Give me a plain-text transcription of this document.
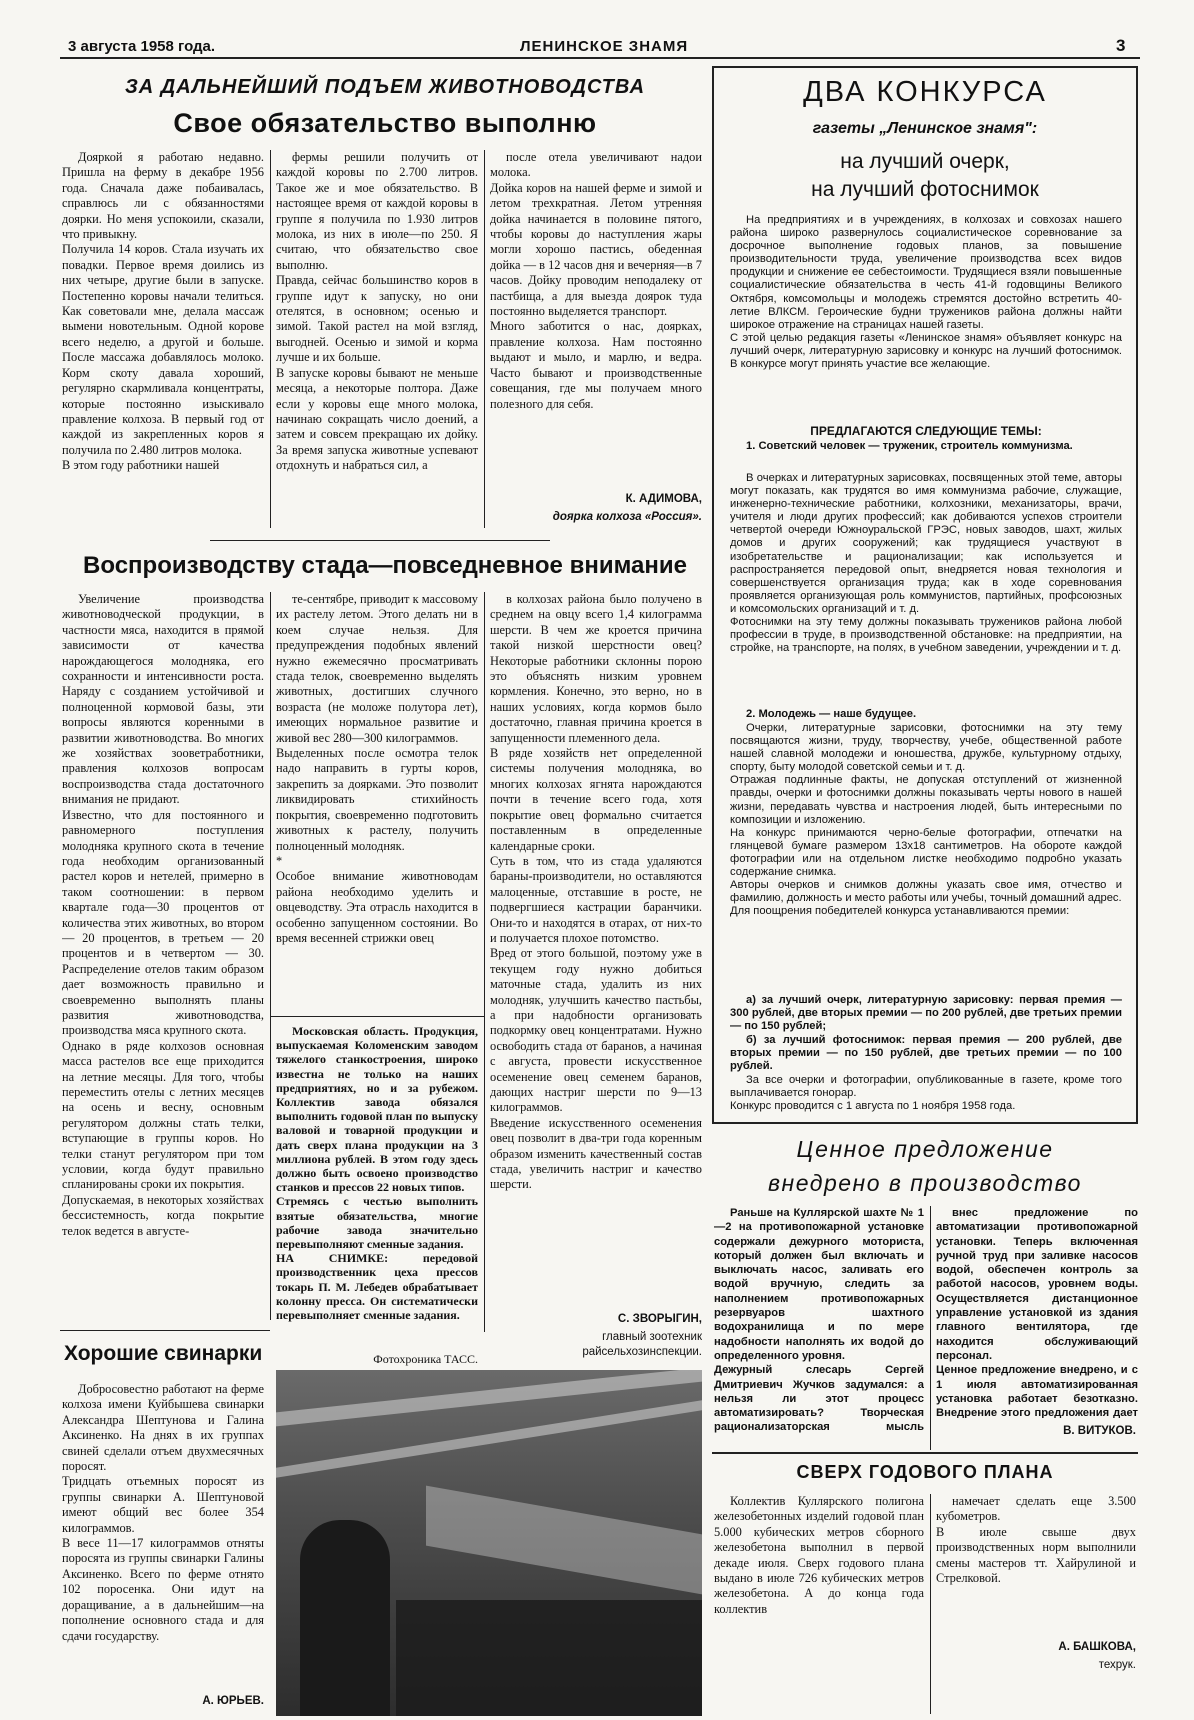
3 августа 1958 года.	ЛЕНИНСКОЕ ЗНАМЯ	3
ЗА ДАЛЬНЕЙШИЙ ПОДЪЕМ ЖИВОТНОВОДСТВА
Свое обязательство выполню

Дояркой я работаю недавно. Пришла на ферму в декабре 1956 года. Сначала даже побаивалась, справлюсь ли с обязанностями доярки. Но меня успокоили, сказали, что привыкну.
Получила 14 коров. Стала изучать их повадки. Первое время доились из них четыре, другие были в запуске. Постепенно коровы начали телиться. Как советовали мне, делала массаж вымени новотельным. Одной корове всего неделю, а другой и больше. После массажа добавлялось молоко. Корм скоту давала хороший, регулярно скармливала концентраты, которые постоянно изыскивало правление колхоза. В первый год от каждой из закрепленных коров я получила по 2.480 литров молока.
В этом году работники нашей

фермы решили получить от каждой коровы по 2.700 литров. Такое же и мое обязательство. В настоящее время от каждой коровы в группе я получила по 1.930 литров молока, из них в июле—по 250. Я считаю, что обязательство свое выполню.
Правда, сейчас большинство коров в группе идут к запуску, но они отелятся, в основном; осенью и зимой. Такой растел на мой взгляд, выгодней. Осенью и зимой и корма лучше и их больше.
В запуске коровы бывают не меньше месяца, а некоторые полтора. Даже если у коровы еще много молока, начинаю сокращать число доений, а затем и совсем прекращаю их дойку. За время запуска животные успевают отдохнуть и набраться сил, а

после отела увеличивают надои молока.
Дойка коров на нашей ферме и зимой и летом трехкратная. Летом утренняя дойка начинается в половине пятого, чтобы коровы до наступления жары могли хорошо пастись, обеденная дойка — в 12 часов дня и вечерняя—в 7 часов. Дойку проводим неподалеку от пастбища, а для выезда доярок туда постоянно выделяется транспорт.
Много заботится о нас, доярках, правление колхоза. Нам постоянно выдают и мыло, и марлю, и ведра. Часто бывают и производственные совещания, где мы получаем много полезного для себя.

К. АДИМОВА,
доярка колхоза «Россия».
Воспроизводству стада—повседневное внимание

Увеличение производства животноводческой продукции, в частности мяса, находится в прямой зависимости от качества нарождающегося молодняка, его сохранности и интенсивности роста. Наряду с созданием устойчивой и полноценной кормовой базы, эти вопросы являются коренными в развитии животноводства. Во многих же хозяйствах зооветработники, правления колхозов вопросам воспроизводства стада достаточного внимания не придают.
Известно, что для постоянного и равномерного поступления молодняка крупного скота в течение года необходим организованный растел коров и нетелей, примерно в таком соотношении: в первом квартале года—30 процентов от количества этих животных, во втором — 20 процентов, в третьем — 20 процентов и в четвертом — 30. Распределение отелов таким образом дает возможность правильно и своевременно выполнять планы развития животноводства, производства мяса крупного скота.
Однако в ряде колхозов основная масса растелов все еще приходится на летние месяцы. Для того, чтобы переместить отелы с летних месяцев на осень и весну, основным регулятором должны стать телки, вступающие в группы коров. Но телки станут регулятором при том условии, когда будут правильно спланированы сроки их покрытия.
Допускаемая, в некоторых хозяйствах бессистемность, когда покрытие телок ведется в августе-

те-сентябре, приводит к массовому их растелу летом. Этого делать ни в коем случае нельзя. Для предупреждения подобных явлений нужно ежемесячно просматривать стада телок, своевременно выделять животных, достигших случного возраста (не моложе полутора лет), имеющих нормальное развитие и живой вес 280—300 килограммов.
Выделенных после осмотра телок надо направить в гурты коров, закрепить за доярками. Это позволит ликвидировать стихийность покрытия, своевременно подготовить животных к растелу, получить полноценный молодняк.
*
Особое внимание животноводам района необходимо уделить и овцеводству. Эта отрасль находится в особенно запущенном состоянии. Во время весенней стрижки овец

в колхозах района было получено в среднем на овцу всего 1,4 килограмма шерсти. В чем же кроется причина такой низкой шерстности овец? Некоторые работники склонны порою это объяснять низким уровнем кормления. Конечно, это верно, но в наших условиях, когда кормов было достаточно, главная причина кроется в запущенности племенного дела.
В ряде хозяйств нет определенной системы получения молодняка, во многих колхозах ягнята нарождаются почти в течение всего года, хотя покрытие овец формально считается поставленным в определенные календарные сроки.
Суть в том, что из стада удаляются бараны-производители, но оставляются малоценные, отставшие в росте, не подвергшиеся кастрации баранчики. Они-то и находятся в отарах, от них-то и получается плохое потомство.
Вред от этого большой, поэтому уже в текущем году нужно добиться маточные стада, удалить из них молодняк, улучшить качество пастьбы, а при надобности организовать подкормку овец концентратами. Нужно освободить стада от баранов, а начиная с августа, провести искусственное осеменение овец семенем баранов, дающих настриг шерсти по 9—13 килограммов.
Введение искусственного осеменения овец позволит в два-три года коренным образом изменить качественный состав стада, увеличить настриг и качество шерсти.

С. ЗВОРЫГИН,
главный зоотехник райсельхозинспекции.

Московская область. Продукция, выпускаемая Коломенским заводом тяжелого станкостроения, широко известна не только на наших предприятиях, но и за рубежом. Коллектив завода обязался выполнить годовой план по выпуску валовой и товарной продукции и дать сверх плана продукции на 3 миллиона рублей. В этом году здесь должно быть освоено производство станков и прессов 22 новых типов.
Стремясь с честью выполнить взятые обязательства, многие рабочие завода значительно перевыполняют сменные задания.
НА СНИМКЕ: передовой производственник цеха прессов токарь П. М. Лебедев обрабатывает колонну пресса. Он систематически перевыполняет сменные задания.

Фотохроника ТАСС.
Хорошие свинарки

Добросовестно работают на ферме колхоза имени Куйбышева свинарки Александра Шептунова и Галина Аксиненко. На днях в их группах свиней сделали отъем двухмесячных поросят.
Тридцать отъемных поросят из группы свинарки А. Шептуновой имеют общий вес более 354 килограммов.
В весе 11—17 килограммов отняты поросята из группы свинарки Галины Аксиненко. Всего по ферме отнято 102 поросенка. Они идут на доращивание, а в дальнейшим—на пополнение основного стада и для сдачи государству.

А. ЮРЬЕВ.
ДВА КОНКУРСА
газеты „Ленинское знамя":
на лучший очерк,
на лучший фотоснимок

На предприятиях и в учреждениях, в колхозах и совхозах нашего района широко развернулось социалистическое соревнование за досрочное выполнение годовых планов, за повышение производительности труда, увеличение производства всех видов продукции и снижение ее себестоимости. Трудящиеся взяли повышенные социалистические обязательства в честь 41-й годовщины Великого Октября, комсомольцы и молодежь стремятся достойно встретить 40-летие ВЛКСМ. Героические будни тружеников района должны найти широкое отражение на страницах нашей газеты.
С этой целью редакция газеты «Ленинское знамя» объявляет конкурс на лучший очерк, литературную зарисовку и конкурс на лучший фотоснимок. В конкурсе могут принять участие все желающие.

ПРЕДЛАГАЮТСЯ СЛЕДУЮЩИЕ ТЕМЫ:

1. Советский человек — труженик, строитель коммунизма.

В очерках и литературных зарисовках, посвященных этой теме, авторы могут показать, как трудятся во имя коммунизма рабочие, служащие, инженерно-технические работники, колхозники, механизаторы, врачи, учителя и люди других профессий; как добиваются успехов строители четвертой очереди Южноуральской ГРЭС, новых заводов, шахт, жилых домов и других сооружений; как трудящиеся участвуют в изобретательстве и рационализации; как используется и распространяется передовой опыт, внедряется новая технология и совершенствуется организация труда; как в ходе соревнования проявляется организующая роль коммунистов, партийных, профсоюзных и комсомольских организаций и т. д.
Фотоснимки на эту тему должны показывать тружеников района любой профессии в труде, в производственной обстановке: на предприятии, на стройке, на транспорте, на полях, в учебном заведении, учреждении и т. д.

2. Молодежь — наше будущее.

Очерки, литературные зарисовки, фотоснимки на эту тему посвящаются жизни, труду, творчеству, учебе, общественной работе нашей славной молодежи и юношества, дружбе, культурному отдыху, спорту, быту молодой советской семьи и т. д.
Отражая подлинные факты, не допуская отступлений от жизненной правды, очерки и фотоснимки должны показывать черты нового в нашей жизни, передавать чувства и настроения людей, быть интересными по композиции и изложению.
На конкурс принимаются черно-белые фотографии, отпечатки на глянцевой бумаге размером 13х18 сантиметров. На обороте каждой фотографии или на отдельном листке необходимо подробно указать содержание снимка.
Авторы очерков и снимков должны указать свое имя, отчество и фамилию, должность и место работы или учебы, точный домашний адрес.
Для поощрения победителей конкурса устанавливаются премии:

а) за лучший очерк, литературную зарисовку: первая премия — 300 рублей, две вторых премии — по 200 рублей, две третьих премии — по 150 рублей;

б) за лучший фотоснимок: первая премия — 200 рублей, две вторых премии — по 150 рублей, две третьих премии — по 100 рублей.

За все очерки и фотографии, опубликованные в газете, кроме того выплачивается гонорар.
Конкурс проводится с 1 августа по 1 ноября 1958 года.

Ценное предложение
внедрено в производство

Раньше на Куллярской шахте № 1—2 на противопожарной установке содержали дежурного моториста, который должен был включать и выключать насос, заливать его водой вручную, следить за наполнением противопожарных резервуаров шахтного водохранилища и по мере надобности наполнять их водой до определенного уровня.
Дежурный слесарь Сергей Дмитриевич Жучков задумался: а нельзя ли этот процесс автоматизировать? Творческая рационализаторская мысль

внес предложение по автоматизации противопожарной установки. Теперь включенная ручной труд при заливке насосов водой, обеспечен контроль за работой насосов, уровнем воды. Осуществляется дистанционное управление установкой из здания главного вентилятора, где находится обслуживающий персонал.
Ценное предложение внедрено, и с 1 июля автоматизированная установка работает безотказно. Внедрение этого предложения дает

В. ВИТУКОВ.
СВЕРХ ГОДОВОГО ПЛАНА

Коллектив Куллярского полигона железобетонных изделий годовой план 5.000 кубических метров сборного железобетона выполнил в первой декаде июля. Сверх годового плана выдано в июле 726 кубических метров железобетона. А до конца года коллектив

намечает сделать еще 3.500 кубометров.
В июле свыше двух производственных норм выполнили смены мастеров тт. Хайрулиной и Стрелковой.

А. БАШКОВА,
техрук.
